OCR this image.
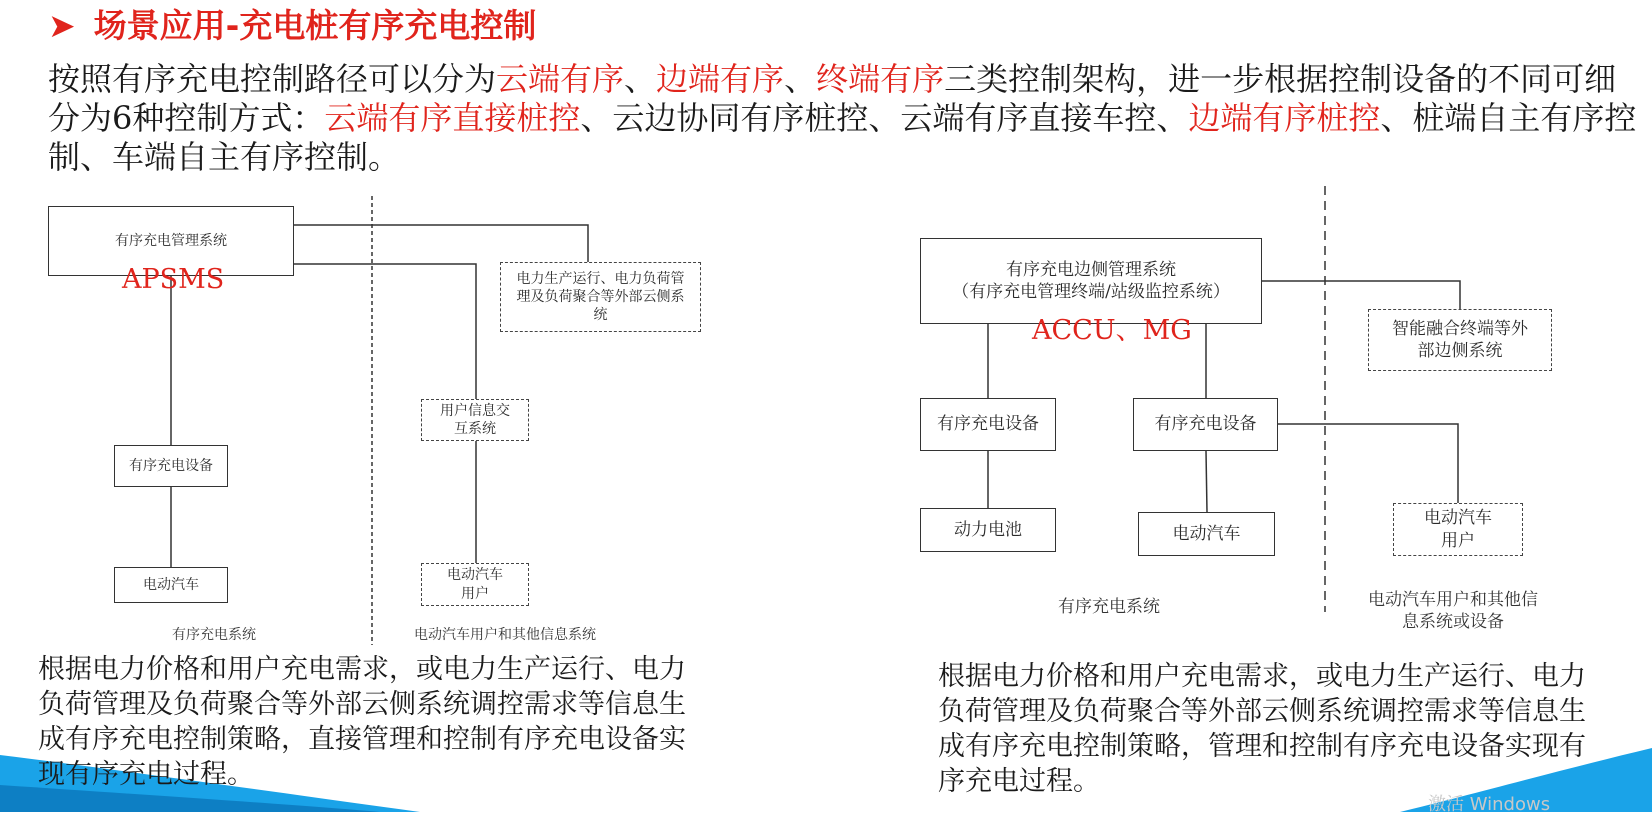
➤ 场景应用-充电桩有序充电控制
按照有序充电控制路径可以分为云端有序、边端有序、终端有序三类控制架构，进一步根据控制设备的不同可细分为6种控制方式：云端有序直接桩控、云边协同有序桩控、云端有序直接车控、边端有序桩控、桩端自主有序控制、车端自主有序控制。
有序充电管理系统
APSMS	电力生产运行、电力负荷管理及负荷聚合等外部云侧系统
用户信息交互系统
有序充电设备
电动汽车
电动汽车用户
有序充电系统	电动汽车用户和其他信息系统
有序充电边侧管理系统
（有序充电管理终端/站级监控系统）
ACCU、MG	智能融合终端等外部边侧系统
有序充电设备	有序充电设备
动力电池	电动汽车
电动汽车用户
有序充电系统	电动汽车用户和其他信息系统或设备
根据电力价格和用户充电需求，或电力生产运行、电力负荷管理及负荷聚合等外部云侧系统调控需求等信息生成有序充电控制策略，直接管理和控制有序充电设备实现有序充电过程。
根据电力价格和用户充电需求，或电力生产运行、电力负荷管理及负荷聚合等外部云侧系统调控需求等信息生成有序充电控制策略，管理和控制有序充电设备实现有序充电过程。
激活 Windows
